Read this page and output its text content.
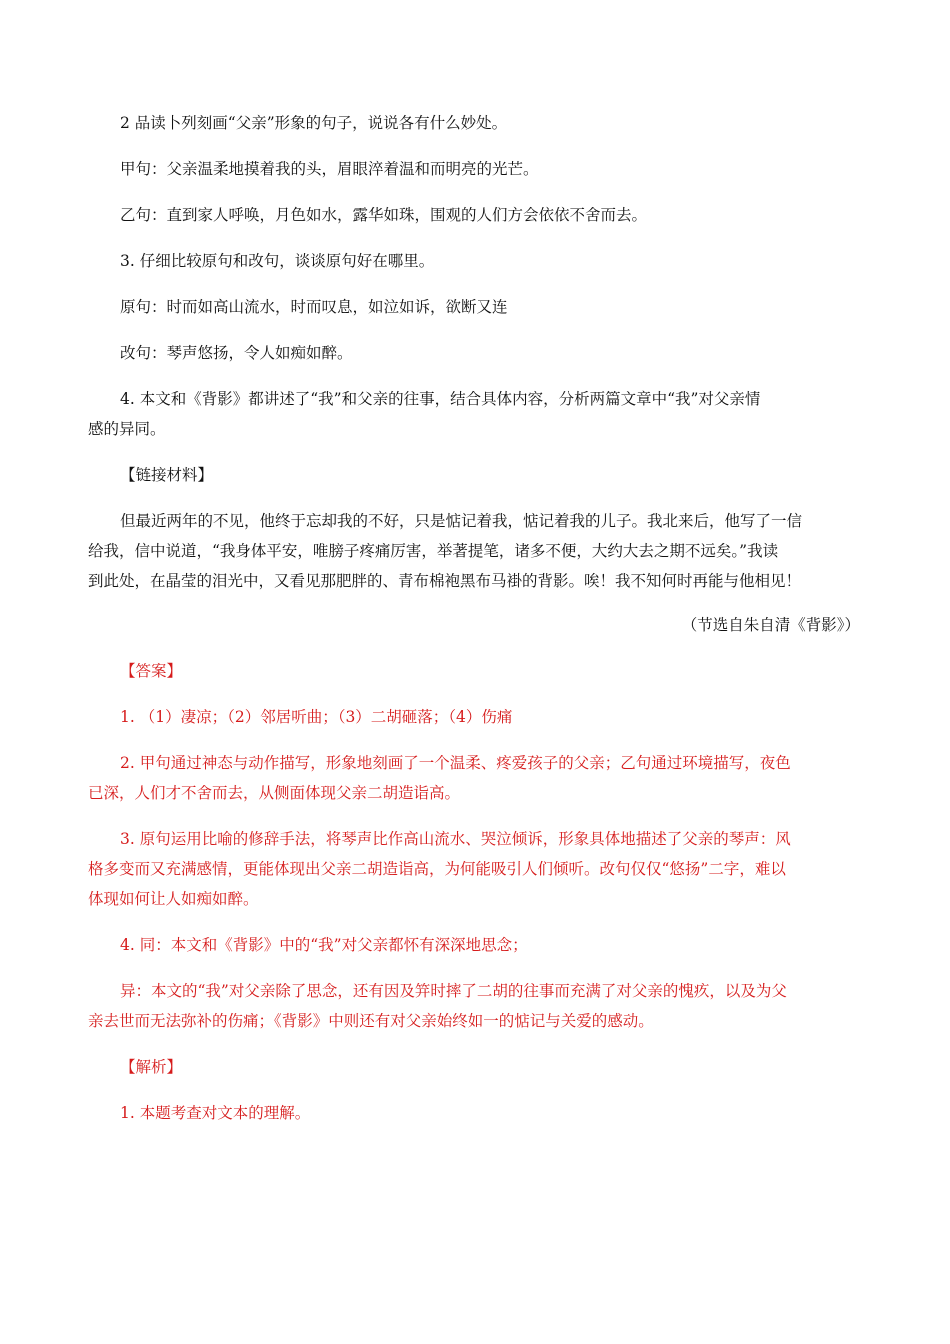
2 品读卜列刻画“父亲”形象的句子，说说各有什么妙处。

甲句：父亲温柔地摸着我的头，眉眼淬着温和而明亮的光芒。

乙句：直到家人呼唤，月色如水，露华如珠，围观的人们方会依依不舍而去。

3. 仔细比较原句和改句，谈谈原句好在哪里。

原句：时而如高山流水，时而叹息，如泣如诉，欲断又连

改句：琴声悠扬，令人如痴如醉。

4. 本文和《背影》都讲述了“我”和父亲的往事，结合具体内容，分析两篇文章中“我”对父亲情

感的异同。

【链接材料】

但最近两年的不见，他终于忘却我的不好，只是惦记着我，惦记着我的儿子。我北来后，他写了一信

给我，信中说道，“我身体平安，唯膀子疼痛厉害，举著提笔，诸多不便，大约大去之期不远矣。”我读

到此处，在晶莹的泪光中，又看见那肥胖的、青布棉袍黑布马褂的背影。唉！我不知何时再能与他相见！

（节选自朱自清《背影》）

【答案】

1. （1）凄凉；（2）邻居听曲；（3）二胡砸落；（4）伤痛

2. 甲句通过神态与动作描写，形象地刻画了一个温柔、疼爱孩子的父亲；乙句通过环境描写，夜色

已深，人们才不舍而去，从侧面体现父亲二胡造诣高。

3. 原句运用比喻的修辞手法，将琴声比作高山流水、哭泣倾诉，形象具体地描述了父亲的琴声：风

格多变而又充满感情，更能体现出父亲二胡造诣高，为何能吸引人们倾听。改句仅仅“悠扬”二字，难以

体现如何让人如痴如醉。

4. 同：本文和《背影》中的“我”对父亲都怀有深深地思念；

异：本文的“我”对父亲除了思念，还有因及笄时摔了二胡的往事而充满了对父亲的愧疚，以及为父

亲去世而无法弥补的伤痛；《背影》中则还有对父亲始终如一的惦记与关爱的感动。

【解析】

1. 本题考查对文本的理解。
